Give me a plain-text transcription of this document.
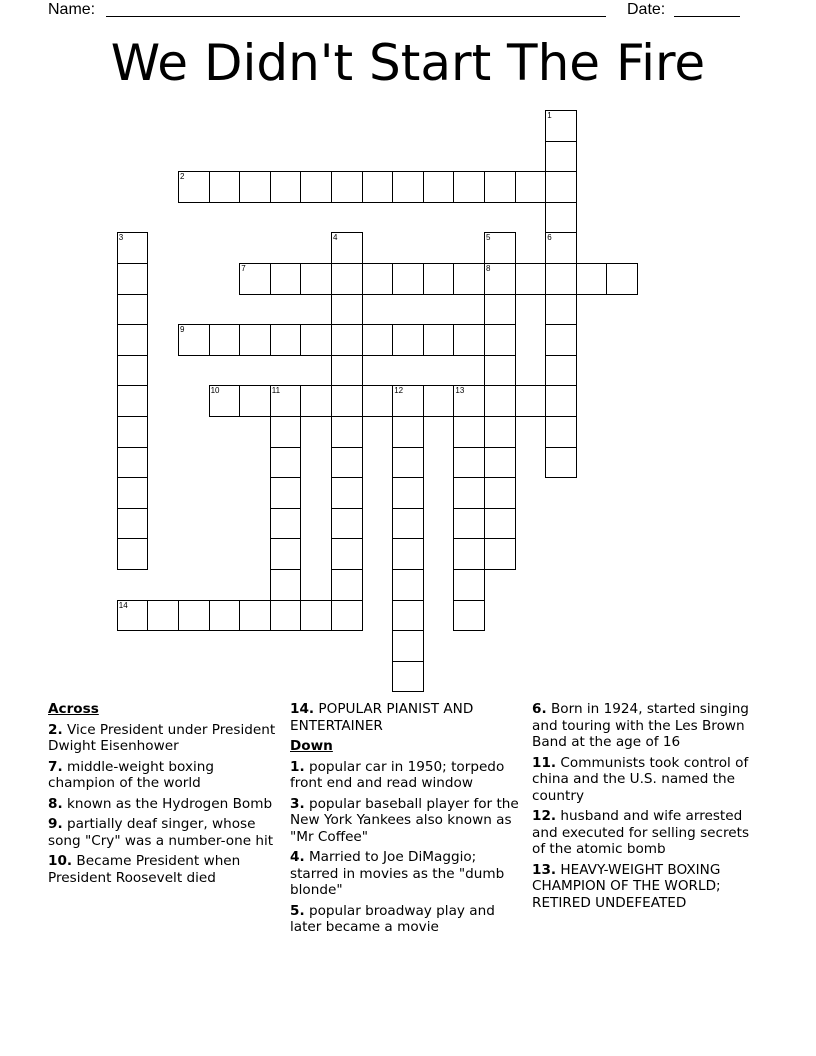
Name:	Date:
We Didn't Start The Fire
1
6
2
3	4	5
8
7
9
10	11	12	13
14
Across
2. Vice President under President Dwight Eisenhower
7. middle-weight boxing champion of the world
8. known as the Hydrogen Bomb
9. partially deaf singer, whose song "Cry" was a number-one hit
10. Became President when President Roosevelt died
14. POPULAR PIANIST AND ENTERTAINER
Down
1. popular car in 1950; torpedo front end and read window
3. popular baseball player for the New York Yankees also known as "Mr Coffee"
4. Married to Joe DiMaggio; starred in movies as the "dumb blonde"
5. popular broadway play and later became a movie
6. Born in 1924, started singing and touring with the Les Brown Band at the age of 16
11. Communists took control of china and the U.S. named the country
12. husband and wife arrested and executed for selling secrets of the atomic bomb
13. HEAVY-WEIGHT BOXING CHAMPION OF THE WORLD; RETIRED UNDEFEATED
